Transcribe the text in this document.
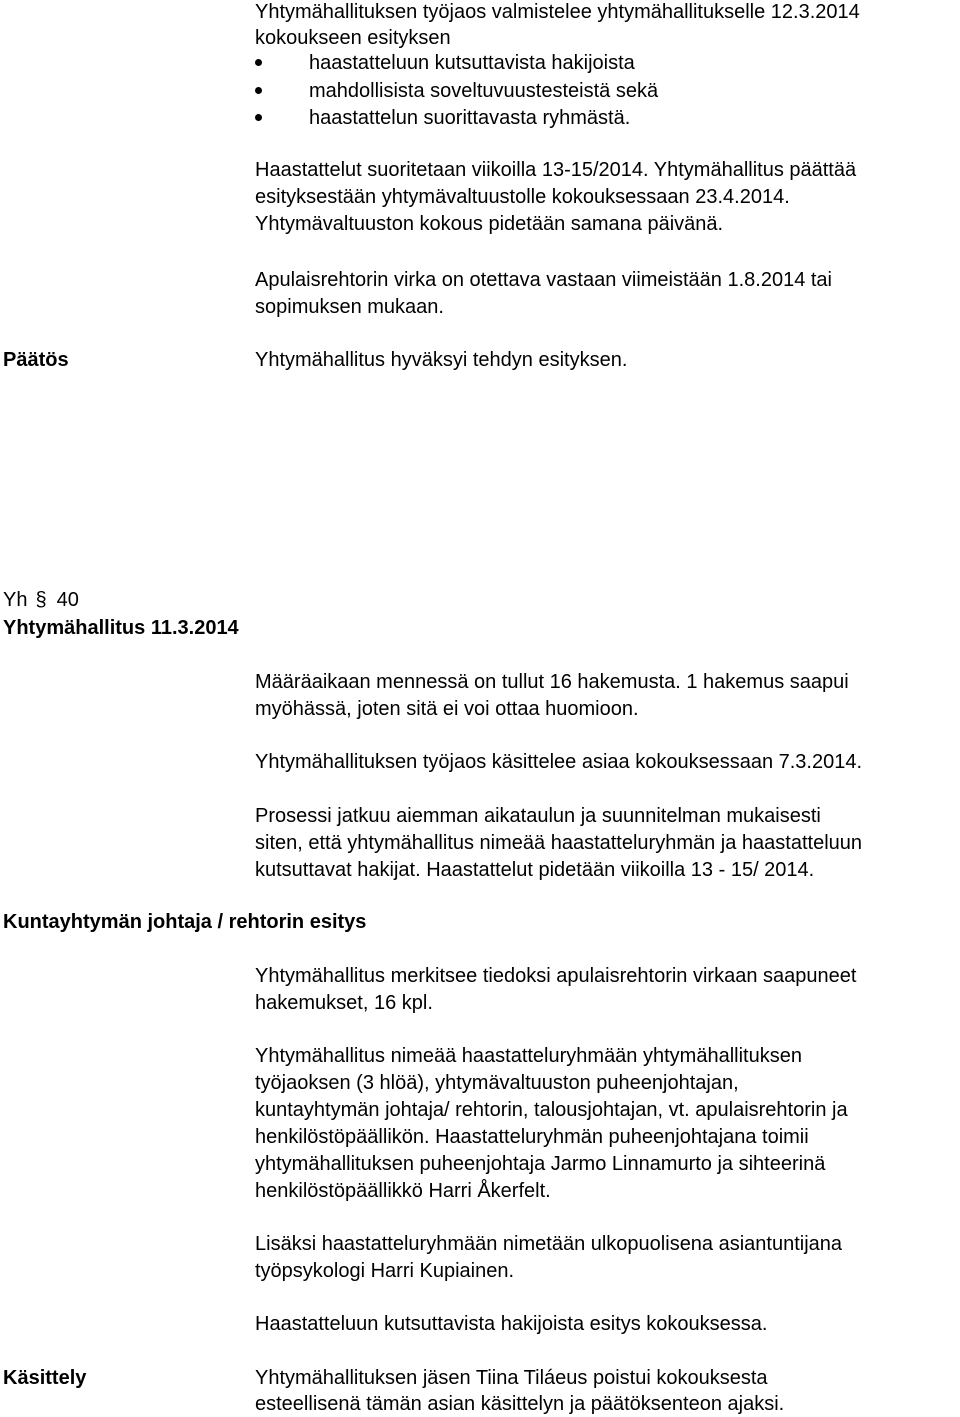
Yhtymähallituksen työjaos valmistelee yhtymähallitukselle 12.3.2014
kokoukseen esityksen
haastatteluun kutsuttavista hakijoista
mahdollisista soveltuvuustesteistä sekä
haastattelun suorittavasta ryhmästä.
Haastattelut suoritetaan viikoilla 13-15/2014. Yhtymähallitus päättää
esityksestään yhtymävaltuustolle kokouksessaan 23.4.2014.
Yhtymävaltuuston kokous pidetään samana päivänä.
Apulaisrehtorin virka on otettava vastaan viimeistään 1.8.2014 tai
sopimuksen mukaan.
Päätös	Yhtymähallitus hyväksyi tehdyn esityksen.
Yh § 40
Yhtymähallitus 11.3.2014
Määräaikaan mennessä on tullut 16 hakemusta. 1 hakemus saapui
myöhässä, joten sitä ei voi ottaa huomioon.
Yhtymähallituksen työjaos käsittelee asiaa kokouksessaan 7.3.2014.
Prosessi jatkuu aiemman aikataulun ja suunnitelman mukaisesti
siten, että yhtymähallitus nimeää haastatteluryhmän ja haastatteluun
kutsuttavat hakijat. Haastattelut pidetään viikoilla 13 - 15/ 2014.
Kuntayhtymän johtaja / rehtorin esitys
Yhtymähallitus merkitsee tiedoksi apulaisrehtorin virkaan saapuneet
hakemukset, 16 kpl.
Yhtymähallitus nimeää haastatteluryhmään yhtymähallituksen
työjaoksen (3 hlöä), yhtymävaltuuston puheenjohtajan,
kuntayhtymän johtaja/ rehtorin, talousjohtajan, vt. apulaisrehtorin ja
henkilöstöpäällikön. Haastatteluryhmän puheenjohtajana toimii
yhtymähallituksen puheenjohtaja Jarmo Linnamurto ja sihteerinä
henkilöstöpäällikkö Harri Åkerfelt.
Lisäksi haastatteluryhmään nimetään ulkopuolisena asiantuntijana
työpsykologi Harri Kupiainen.
Haastatteluun kutsuttavista hakijoista esitys kokouksessa.
Käsittely	Yhtymähallituksen jäsen Tiina Tiláeus poistui kokouksesta
esteellisenä tämän asian käsittelyn ja päätöksenteon ajaksi.
